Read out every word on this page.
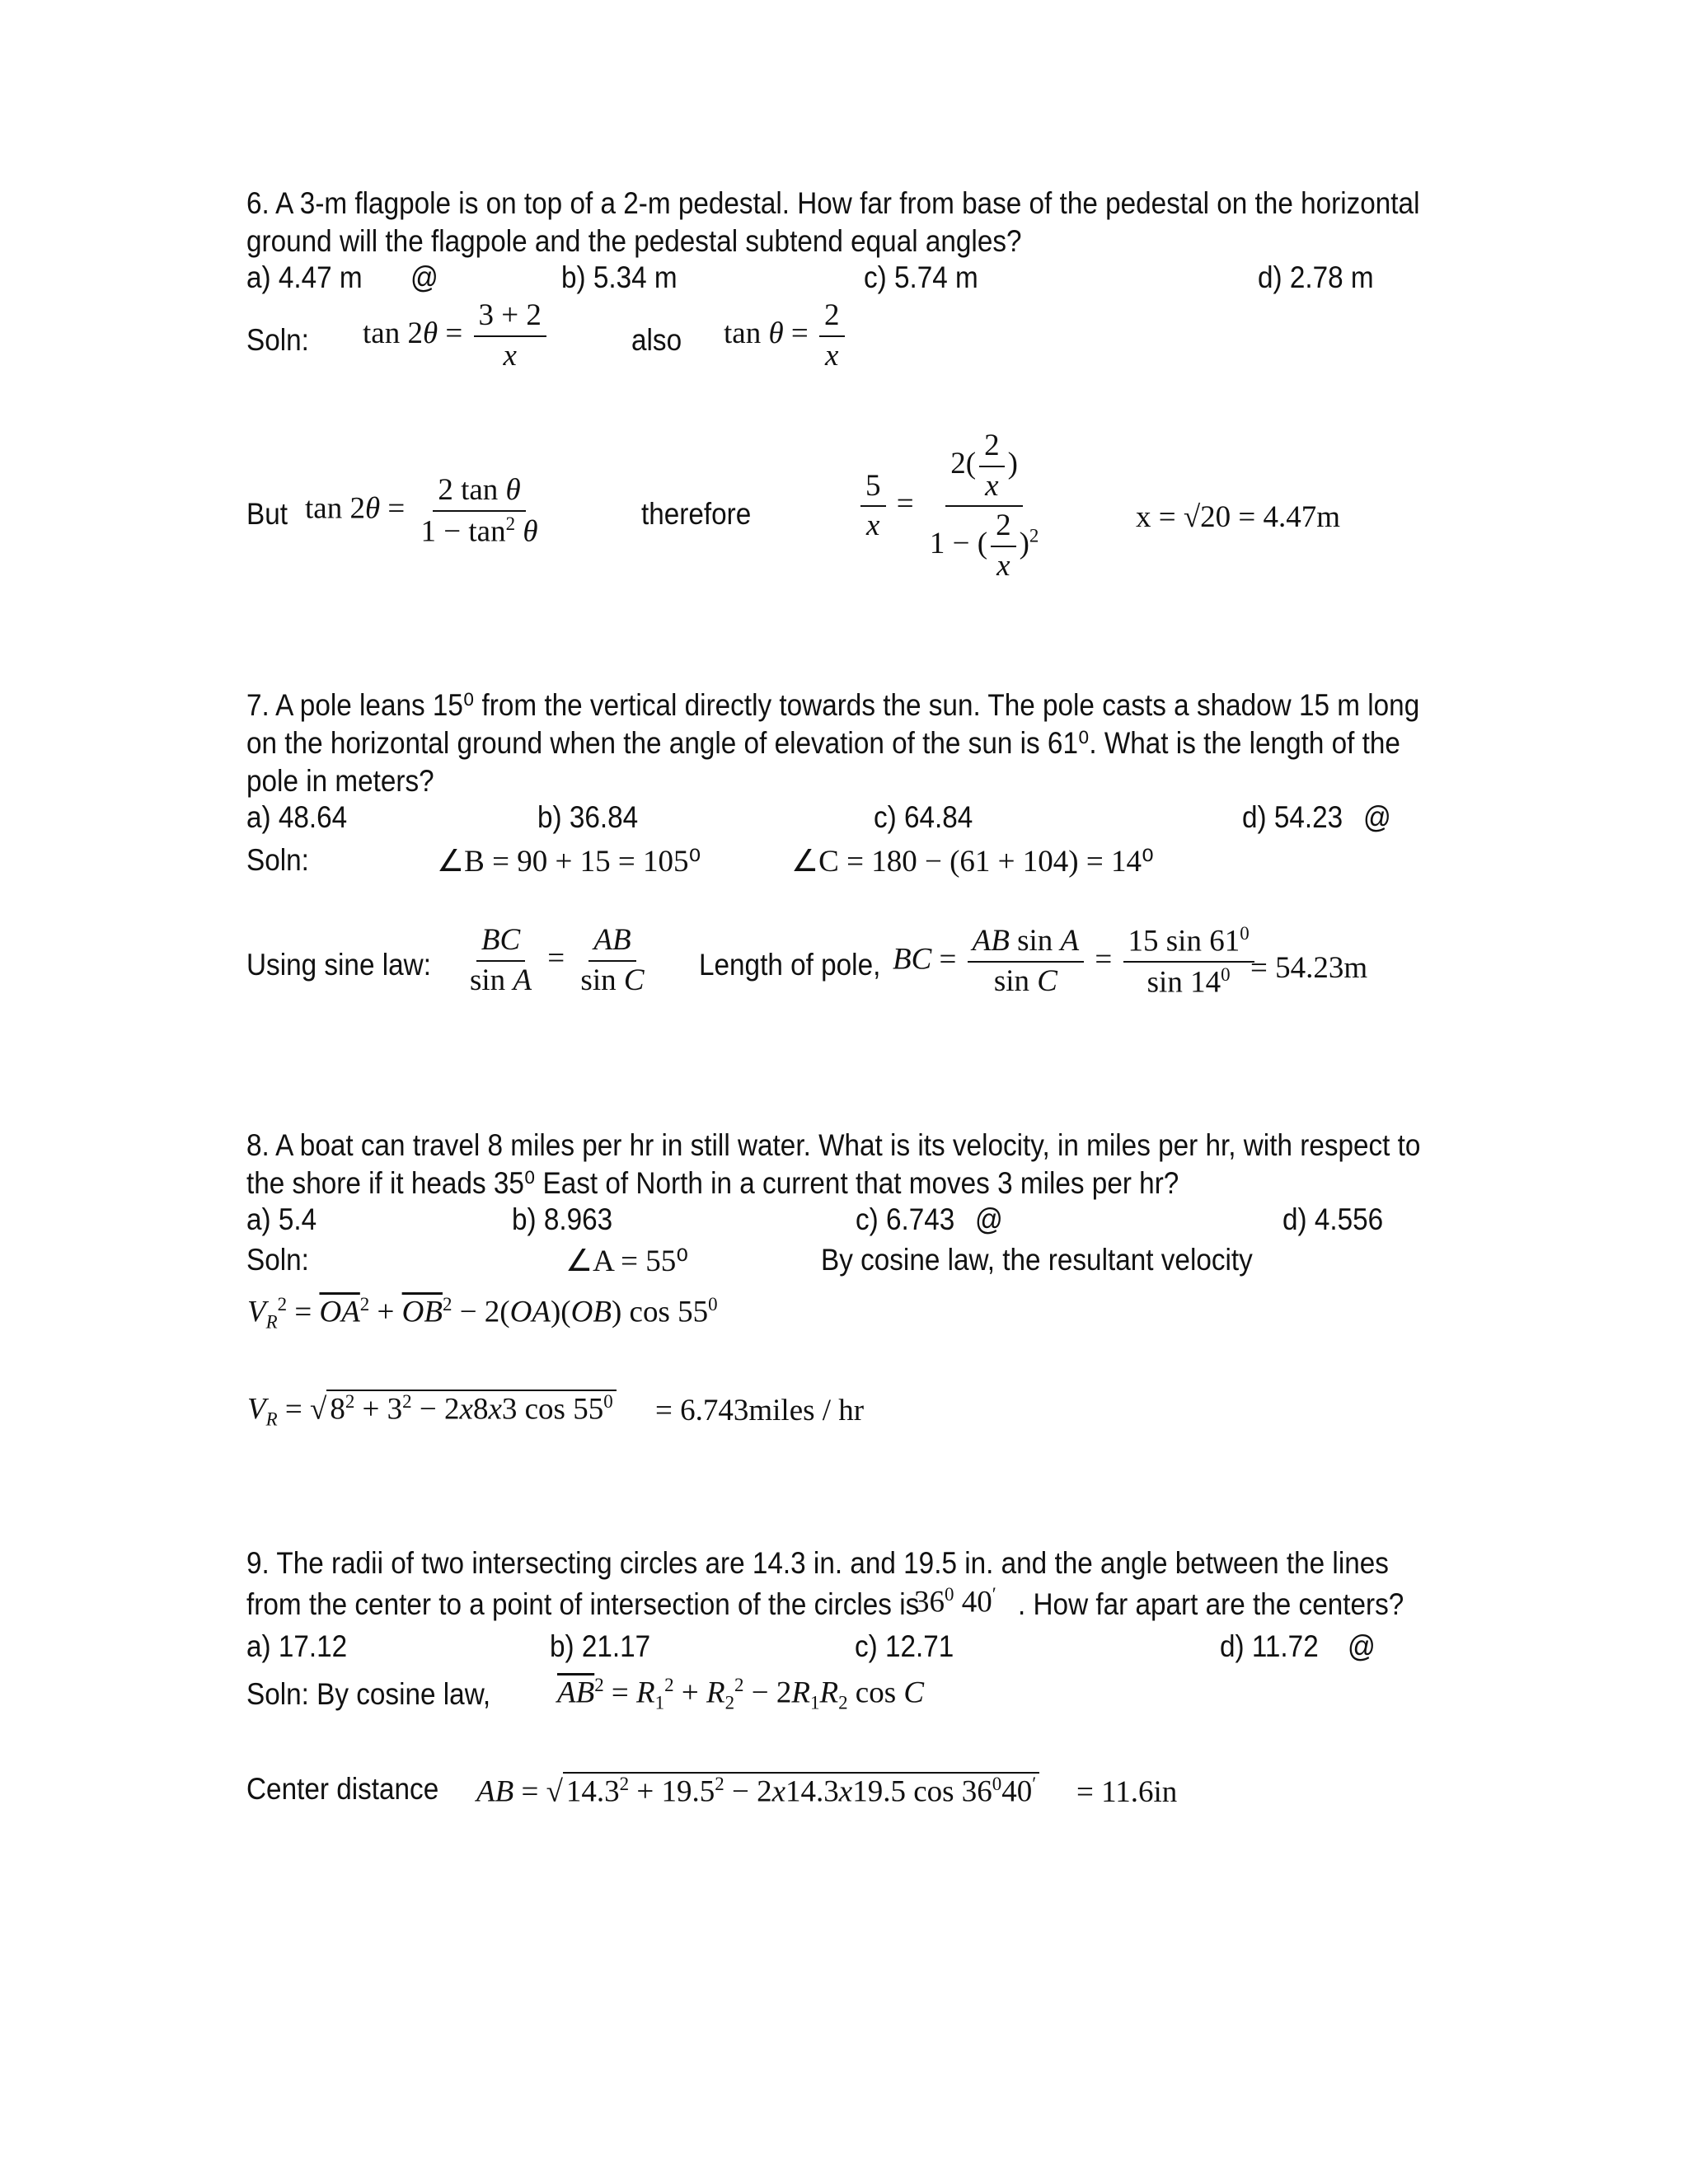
6. A 3-m flagpole is on top of a 2-m pedestal. How far from base of the pedestal on the horizontal
ground will the flagpole and the pedestal subtend equal angles?
a) 4.47 m @	b) 5.34 m	c) 5.74 m	d) 2.78 m
Soln: $\tan 2\theta = \frac{3 + 2}{x}$	also $\tan \theta = \frac{2}{x}$
But $\tan 2\theta = \frac{\text{2 tan θ}}{1 - \tan^2 \theta}$	therefore	$\frac{5}{x} = \frac{2( \frac{2}{x} )}{1 - ( \frac{2}{x} )^2}$	x = √20 = 4.47m
7. A pole leans 15⁰ from the vertical directly towards the sun. The pole casts a shadow 15 m long
on the horizontal ground when the angle of elevation of the sun is 61⁰. What is the length of the
pole in meters?
a) 48.64	b) 36.84	c) 64.84	d) 54.23 @
Soln:	∠B = 90 + 15 = 105⁰	∠C = 180 − (61 + 104) = 14⁰
Using sine law: $\frac{BC}{\text{sin A}} = \frac{AB}{\text{sin C}}$ Length of pole, BC = $\frac{\text{AB sin A}}{\text{sin C}} = \frac{15 \sin 61^0}{\sin 14^0}$
= 54.23m
8. A boat can travel 8 miles per hr in still water. What is its velocity, in miles per hr, with respect to
the shore if it heads 35⁰ East of North in a current that moves 3 miles per hr?
a) 5.4	b) 8.963	c) 6.743 @	d) 4.556
Soln:	∠A = 55⁰	By cosine law, the resultant velocity
$V_R^2 = \overline{OA}^2 + \overline{OB}^2 - 2(OA)(OB)$ $\cos 55^0$
$V_R$ = √ $8^2 + 3^2 - 2x8x3$ $\cos 55^0$ = 6.743miles / hr
9. The radii of two intersecting circles are 14.3 in. and 19.5 in. and the angle between the lines
from the center to a point of intersection of the circles is
$36^0$ 40′ . How far apart are the centers?
a) 17.12	b) 21.17	c) 12.71	d) 11.72 @
Soln: By cosine law, $\overline{AB}^2 = R_1^2 + R_2^2 - 2R_1R_2$ cos C
Center distance AB = √ $14.3^2 + 19.5^2 - 2x14.3x19.5$ $\cos 36^040' = 11.6in$
